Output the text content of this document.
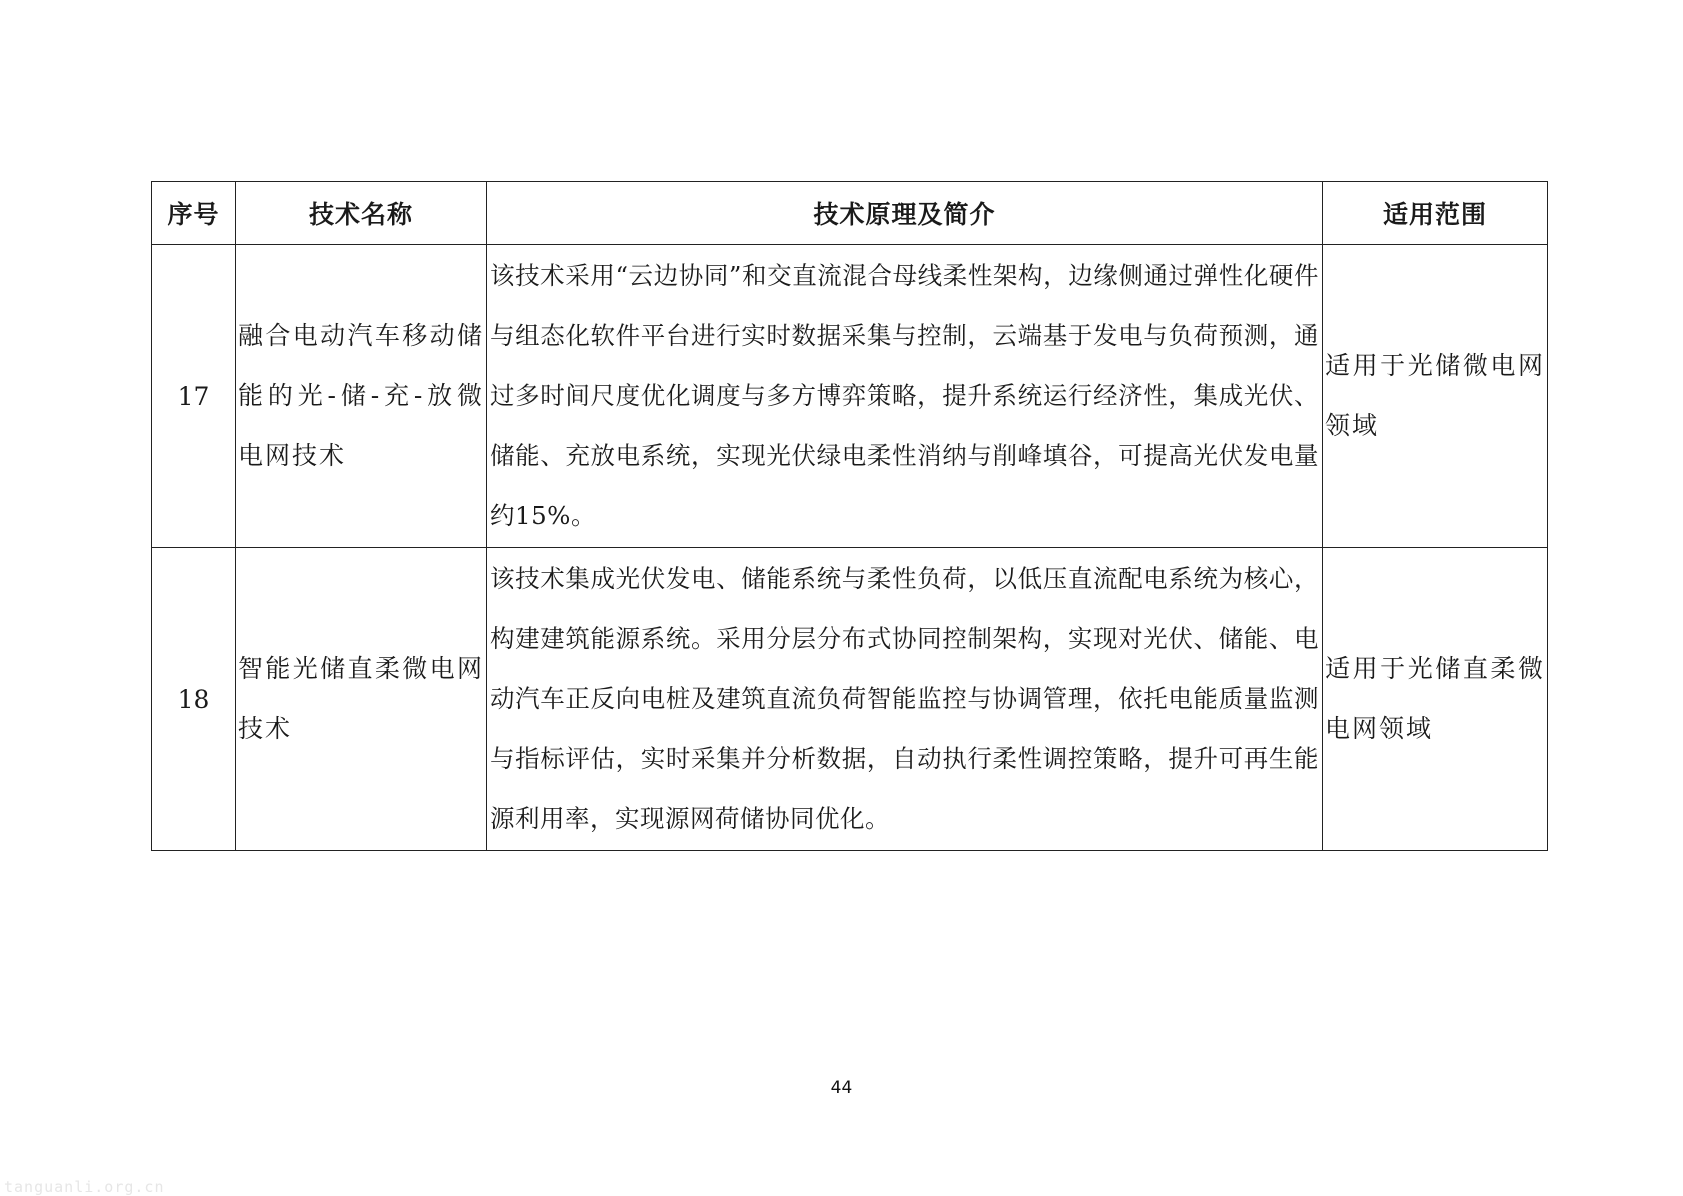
序号	技术名称	技术原理及简介	适用范围
17	融合电动汽车移动储能的光-储-充-放微电网技术	该技术采用“云边协同”和交直流混合母线柔性架构，边缘侧通过弹性化硬件与组态化软件平台进行实时数据采集与控制，云端基于发电与负荷预测，通过多时间尺度优化调度与多方博弈策略，提升系统运行经济性，集成光伏、储能、充放电系统，实现光伏绿电柔性消纳与削峰填谷，可提高光伏发电量约15%。	适用于光储微电网领域
18	智能光储直柔微电网技术	该技术集成光伏发电、储能系统与柔性负荷，以低压直流配电系统为核心，构建建筑能源系统。采用分层分布式协同控制架构，实现对光伏、储能、电动汽车正反向电桩及建筑直流负荷智能监控与协调管理，依托电能质量监测与指标评估，实时采集并分析数据，自动执行柔性调控策略，提升可再生能源利用率，实现源网荷储协同优化。	适用于光储直柔微电网领域
44
tanguanli.org.cn
